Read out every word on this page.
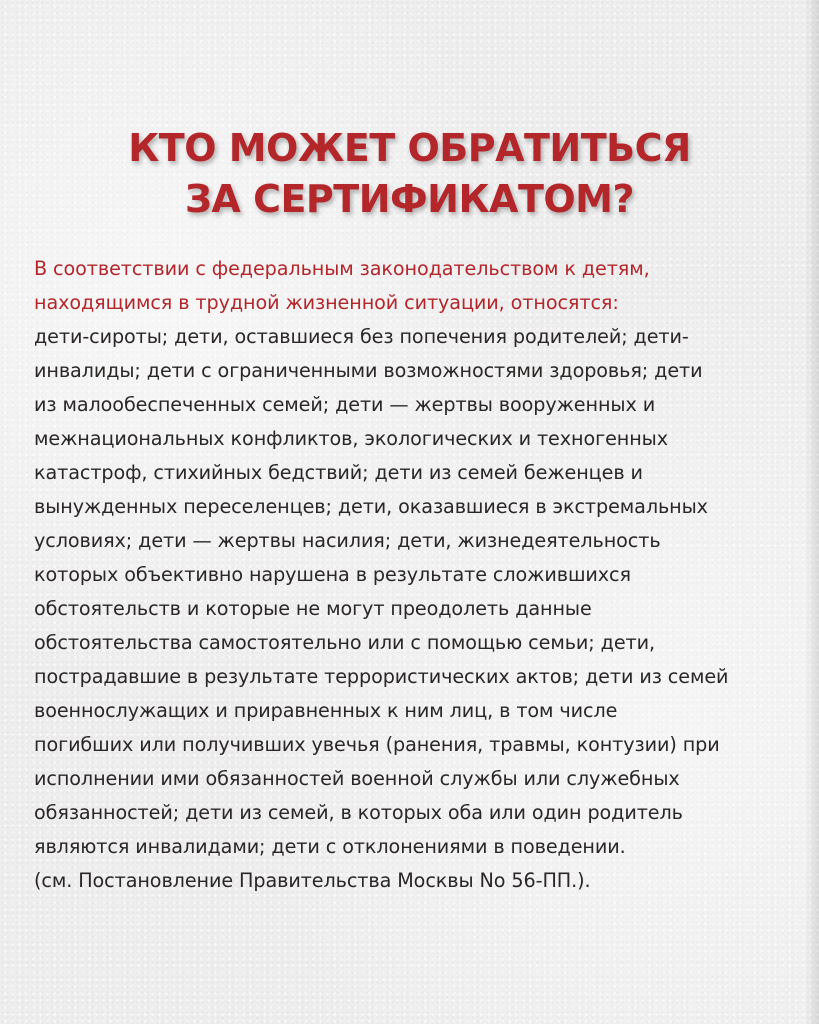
КТО МОЖЕТ ОБРАТИТЬСЯ
ЗА СЕРТИФИКАТОМ?
В соответствии с федеральным законодательством к детям,
находящимся в трудной жизненной ситуации, относятся:
дети-сироты; дети, оставшиеся без попечения родителей; дети-
инвалиды; дети с ограниченными возможностями здоровья; дети
из малообеспеченных семей; дети — жертвы вооруженных и
межнациональных конфликтов, экологических и техногенных
катастроф, стихийных бедствий; дети из семей беженцев и
вынужденных переселенцев; дети, оказавшиеся в экстремальных
условиях; дети — жертвы насилия; дети, жизнедеятельность
которых объективно нарушена в результате сложившихся
обстоятельств и которые не могут преодолеть данные
обстоятельства самостоятельно или с помощью семьи; дети,
пострадавшие в результате террористических актов; дети из семей
военнослужащих и приравненных к ним лиц, в том числе
погибших или получивших увечья (ранения, травмы, контузии) при
исполнении ими обязанностей военной службы или служебных
обязанностей; дети из семей, в которых оба или один родитель
являются инвалидами; дети с отклонениями в поведении.
(см. Постановление Правительства Москвы No 56-ПП.).
